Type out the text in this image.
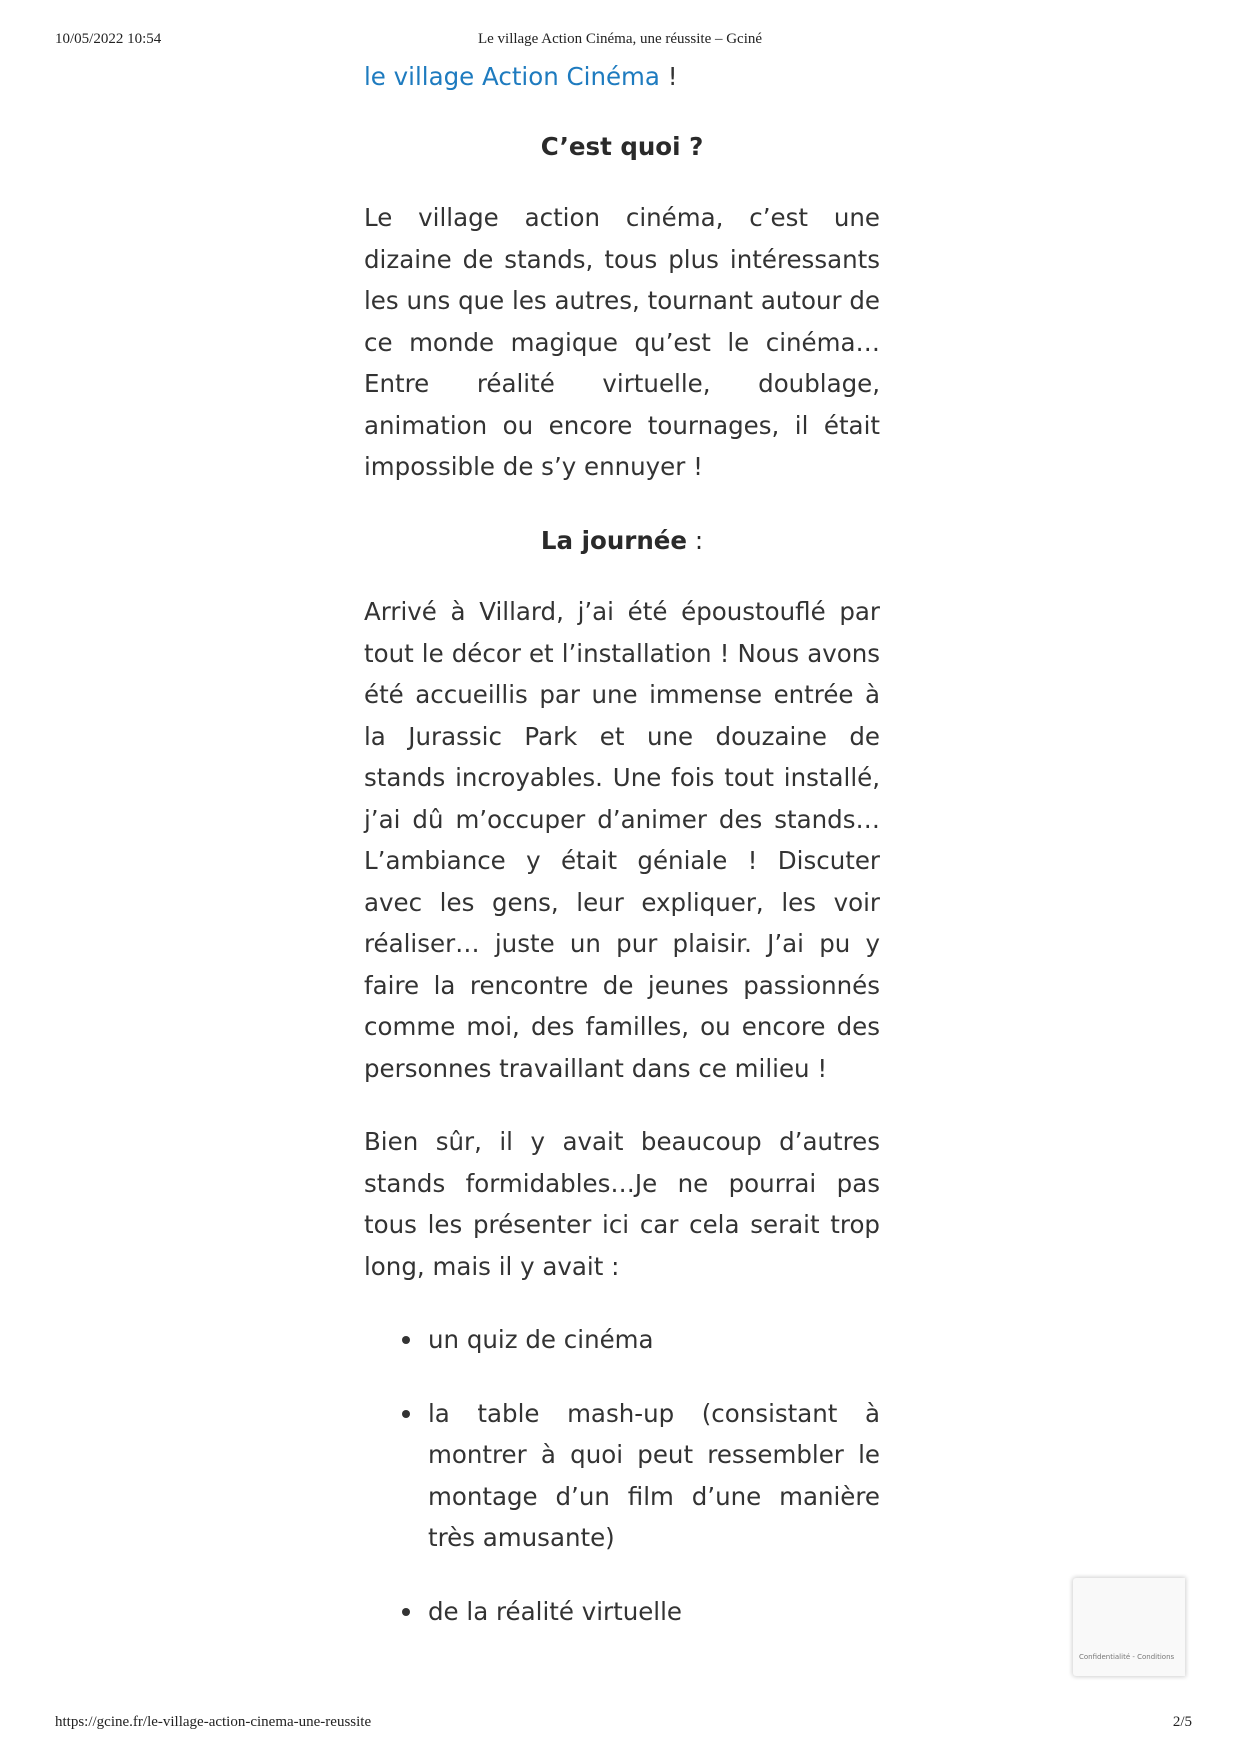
10/05/2022 10:54	Le village Action Cinéma, une réussite – Gciné

le village Action Cinéma !

C’est quoi ?

Le village action cinéma, c’est une dizaine de stands, tous plus intéressants les uns que les autres, tournant autour de ce monde magique qu’est le cinéma…Entre réalité virtuelle, doublage, animation ou encore tournages, il était impossible de s’y ennuyer !

La journée :

Arrivé à Villard, j’ai été époustouflé par tout le décor et l’installation ! Nous avons été accueillis par une immense entrée à la Jurassic Park et une douzaine de stands incroyables. Une fois tout installé, j’ai dû m’occuper d’animer des stands… L’ambiance y était géniale ! Discuter avec les gens, leur expliquer, les voir réaliser… juste un pur plaisir. J’ai pu y faire la rencontre de jeunes passionnés comme moi, des familles, ou encore des personnes travaillant dans ce milieu !

Bien sûr, il y avait beaucoup d’autres stands formidables…Je ne pourrai pas tous les présenter ici car cela serait trop long, mais il y avait :

un quiz de cinéma
la table mash-up (consistant à montrer à quoi peut ressembler le montage d’un film d’une manière très amusante)
de la réalité virtuelle
Confidentialité - Conditions
https://gcine.fr/le-village-action-cinema-une-reussite	2/5
